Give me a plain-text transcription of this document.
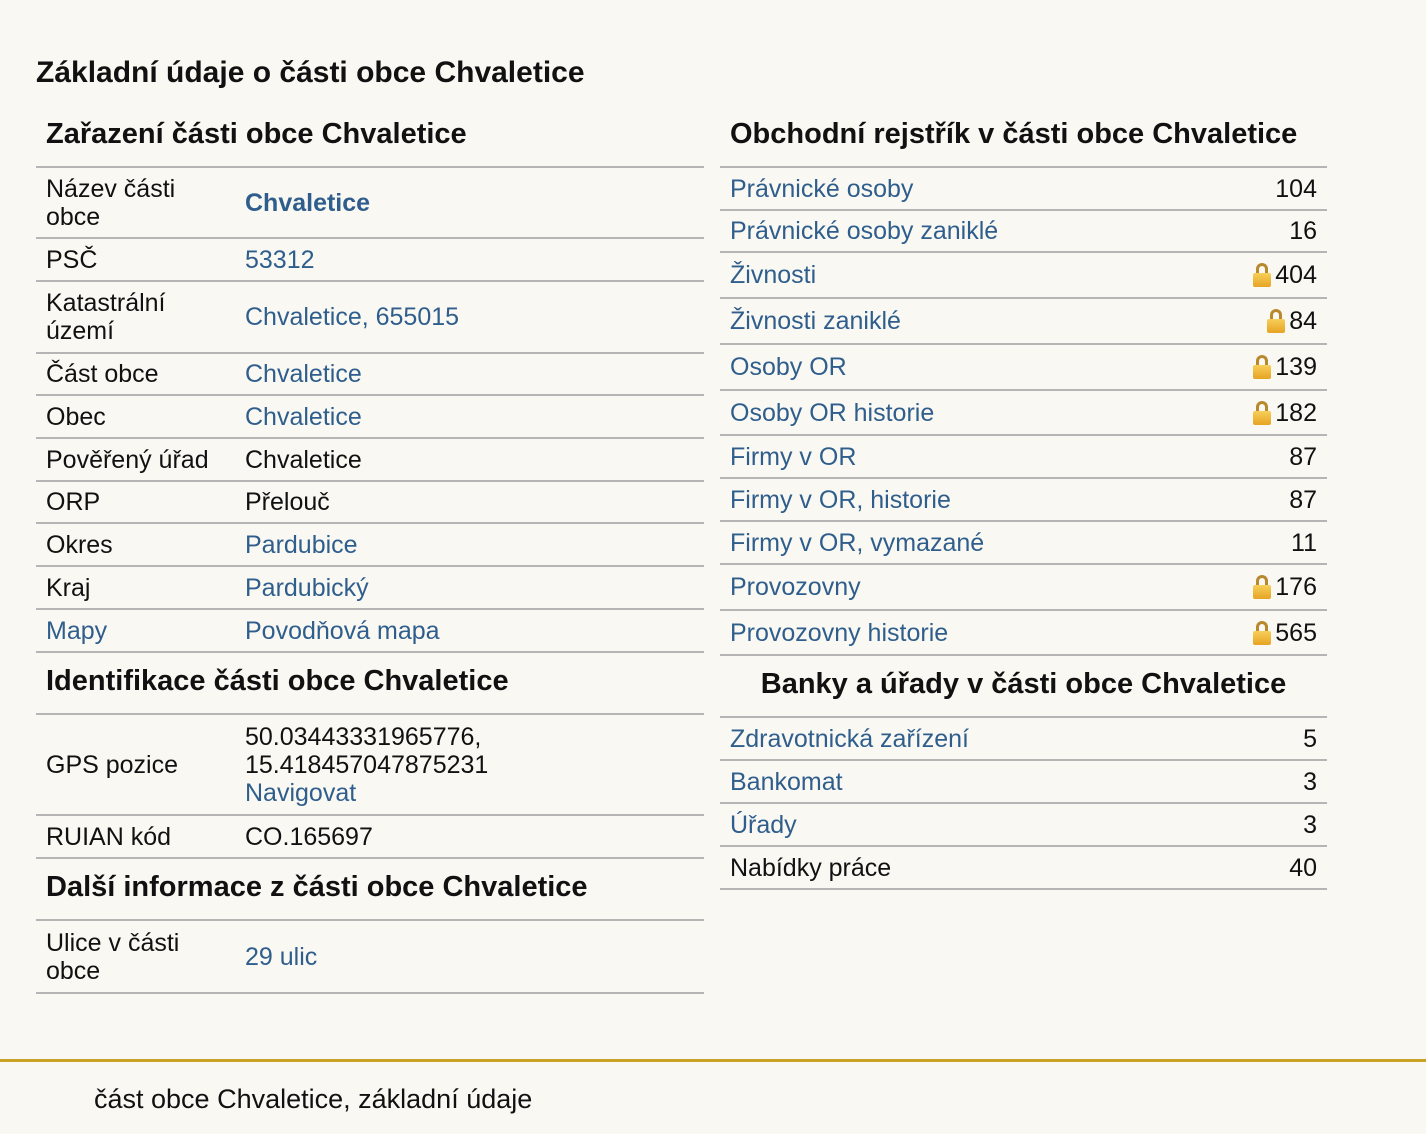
Základní údaje o části obce Chvaletice
Zařazení části obce Chvaletice
Název části obce	Chvaletice
PSČ	53312
Katastrální území	Chvaletice, 655015
Část obce	Chvaletice
Obec	Chvaletice
Pověřený úřad	Chvaletice
ORP	Přelouč
Okres	Pardubice
Kraj	Pardubický
Mapy	Povodňová mapa
Identifikace části obce Chvaletice
GPS pozice	50.03443331965776,
15.418457047875231
Navigovat

RUIAN kód	CO.165697
Další informace z části obce Chvaletice
Ulice v části obce	29 ulic
Obchodní rejstřík v části obce Chvaletice
Právnické osoby	104
Právnické osoby zaniklé	16
Živnosti	404
Živnosti zaniklé	84
Osoby OR	139
Osoby OR historie	182
Firmy v OR	87
Firmy v OR, historie	87
Firmy v OR, vymazané	11
Provozovny	176
Provozovny historie	565
Banky a úřady v části obce Chvaletice
Zdravotnická zařízení	5
Bankomat	3
Úřady	3
Nabídky práce	40
část obce Chvaletice, základní údaje
